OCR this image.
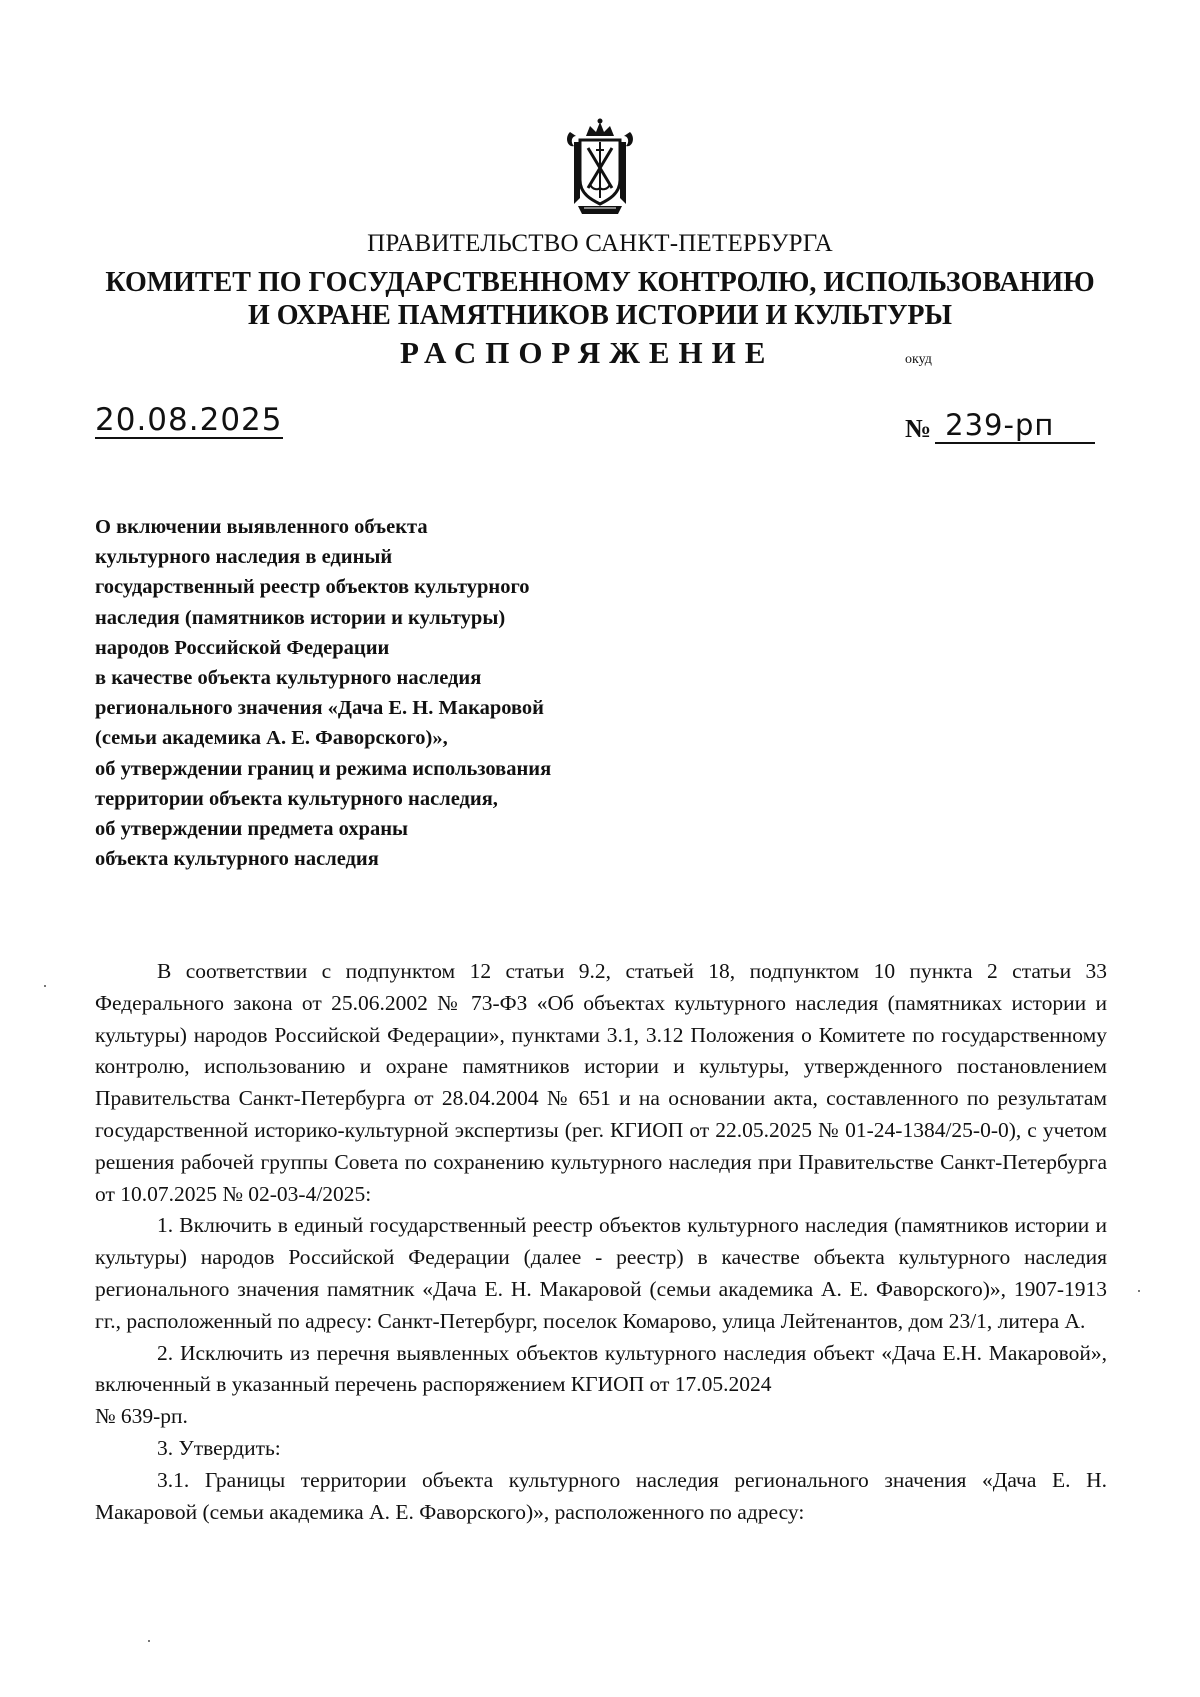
ПРАВИТЕЛЬСТВО САНКТ-ПЕТЕРБУРГА
КОМИТЕТ ПО ГОСУДАРСТВЕННОМУ КОНТРОЛЮ, ИСПОЛЬЗОВАНИЮ
И ОХРАНЕ ПАМЯТНИКОВ ИСТОРИИ И КУЛЬТУРЫ
РАСПОРЯЖЕНИЕ	окуд
20.08.2025	№ 239-рп
О включении выявленного объекта
культурного наследия в единый
государственный реестр объектов культурного
наследия (памятников истории и культуры)
народов Российской Федерации
в качестве объекта культурного наследия
регионального значения «Дача Е. Н. Макаровой
(семьи академика А. Е. Фаворского)»,
об утверждении границ и режима использования
территории объекта культурного наследия,
об утверждении предмета охраны
объекта культурного наследия

В соответствии с подпунктом 12 статьи 9.2, статьей 18, подпунктом 10 пункта 2 статьи 33 Федерального закона от 25.06.2002 № 73-ФЗ «Об объектах культурного наследия (памятниках истории и культуры) народов Российской Федерации», пунктами 3.1, 3.12 Положения о Комитете по государственному контролю, использованию и охране памятников истории и культуры, утвержденного постановлением Правительства Санкт-Петербурга от 28.04.2004 № 651 и на основании акта, составленного по результатам государственной историко-культурной экспертизы (рег. КГИОП от 22.05.2025 № 01-24-1384/25-0-0), с учетом решения рабочей группы Совета по сохранению культурного наследия при Правительстве Санкт-Петербурга от 10.07.2025 № 02-03-4/2025:

1. Включить в единый государственный реестр объектов культурного наследия (памятников истории и культуры) народов Российской Федерации (далее - реестр) в качестве объекта культурного наследия регионального значения памятник «Дача Е. Н. Макаровой (семьи академика А. Е. Фаворского)», 1907-1913 гг., расположенный по адресу: Санкт-Петербург, поселок Комарово, улица Лейтенантов, дом 23/1, литера А.

2. Исключить из перечня выявленных объектов культурного наследия объект «Дача Е.Н. Макаровой», включенный в указанный перечень распоряжением КГИОП от 17.05.2024

№ 639-рп.

3. Утвердить:

3.1. Границы территории объекта культурного наследия регионального значения «Дача Е. Н. Макаровой (семьи академика А. Е. Фаворского)», расположенного по адресу:
